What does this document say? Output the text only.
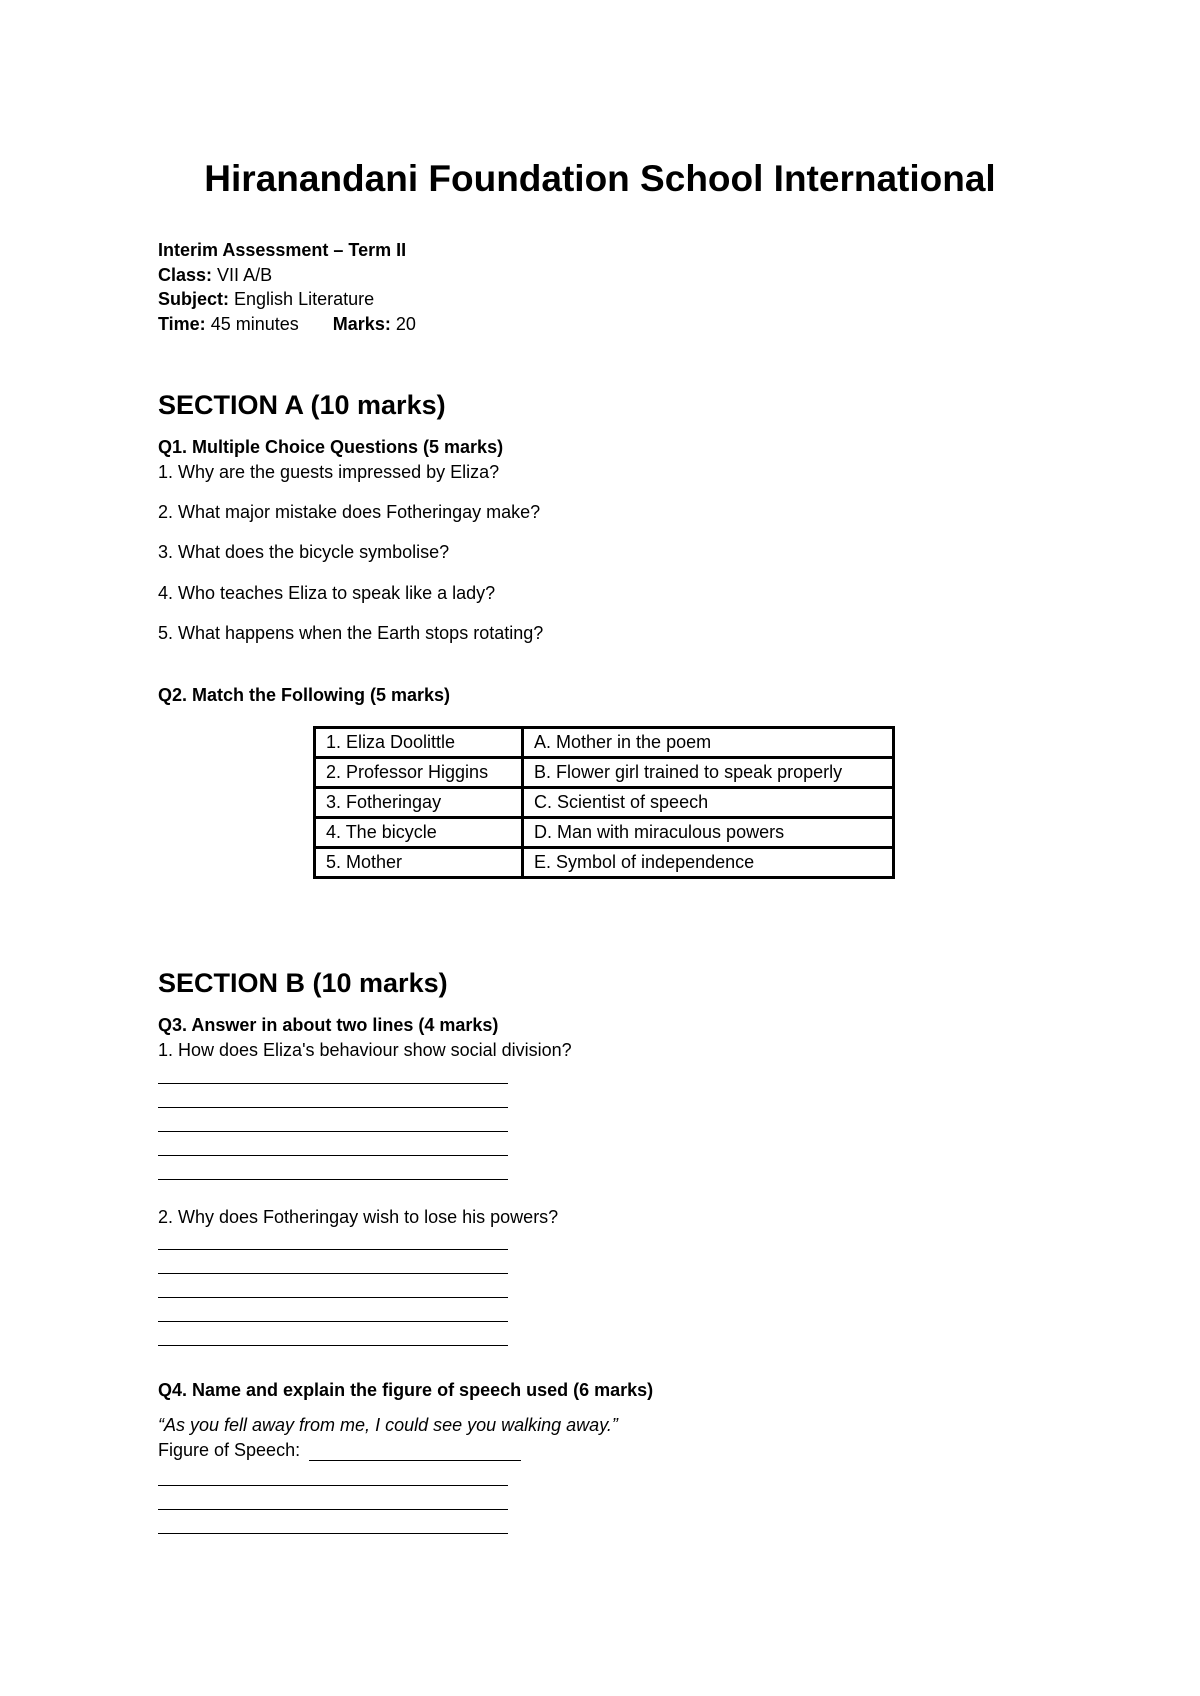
Hiranandani Foundation School International
Interim Assessment – Term II
Class: VII A/B
Subject: English Literature
Time: 45 minutes Marks: 20
SECTION A (10 marks)
Q1. Multiple Choice Questions (5 marks)
1. Why are the guests impressed by Eliza?
2. What major mistake does Fotheringay make?
3. What does the bicycle symbolise?
4. Who teaches Eliza to speak like a lady?
5. What happens when the Earth stops rotating?
Q2. Match the Following (5 marks)
1. Eliza Doolittle	A. Mother in the poem
2. Professor Higgins	B. Flower girl trained to speak properly
3. Fotheringay	C. Scientist of speech
4. The bicycle	D. Man with miraculous powers
5. Mother	E. Symbol of independence
SECTION B (10 marks)
Q3. Answer in about two lines (4 marks)
1. How does Eliza's behaviour show social division?
2. Why does Fotheringay wish to lose his powers?
Q4. Name and explain the figure of speech used (6 marks)
“As you fell away from me, I could see you walking away.”
Figure of Speech:
